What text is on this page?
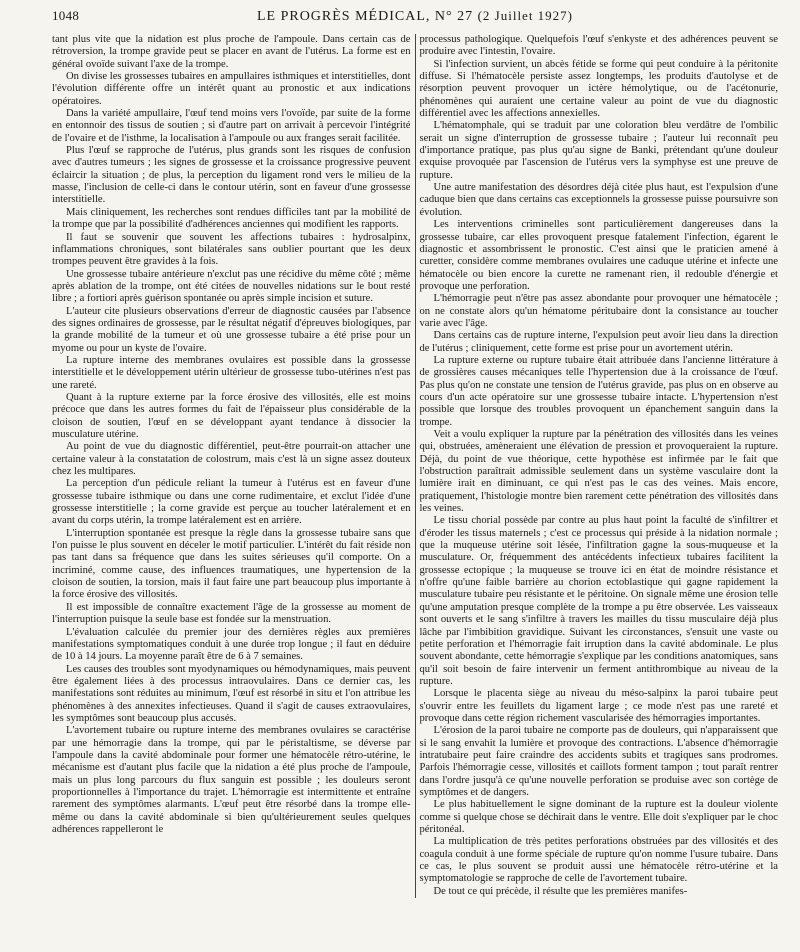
1048	LE PROGRÈS MÉDICAL, N° 27 (2 Juillet 1927)

tant plus vite que la nidation est plus proche de l'ampoule. Dans certain cas de rétroversion, la trompe gravide peut se placer en avant de l'utérus. La forme est en général ovoïde suivant l'axe de la trompe.

On divise les grossesses tubaires en ampullaires isthmiques et interstitielles, dont l'évolution différente offre un intérêt quant au pronostic et aux indications opératoires.

Dans la variété ampullaire, l'œuf tend moins vers l'ovoïde, par suite de la forme en entonnoir des tissus de soutien ; si d'autre part on arrivait à percevoir l'intégrité de l'ovaire et de l'isthme, la localisation à l'ampoule ou aux franges serait facilitée.

Plus l'œuf se rapproche de l'utérus, plus grands sont les risques de confusion avec d'autres tumeurs ; les signes de grossesse et la croissance progressive peuvent éclaircir la situation ; de plus, la perception du ligament rond vers le milieu de la masse, l'inclusion de celle-ci dans le contour utérin, sont en faveur d'une grossesse interstitielle.

Mais cliniquement, les recherches sont rendues difficiles tant par la mobilité de la trompe que par la possibilité d'adhérences anciennes qui modifient les rapports.

Il faut se souvenir que souvent les affections tubaires : hydrosalpinx, inflammations chroniques, sont bilatérales sans oublier pourtant que les deux trompes peuvent être gravides à la fois.

Une grossesse tubaire antérieure n'exclut pas une récidive du même côté ; même après ablation de la trompe, ont été citées de nouvelles nidations sur le bout resté libre ; a fortiori après guérison spontanée ou après simple incision et suture.

L'auteur cite plusieurs observations d'erreur de diagnostic causées par l'absence des signes ordinaires de grossesse, par le résultat négatif d'épreuves biologiques, par la grande mobilité de la tumeur et où une grossesse tubaire a été prise pour un myome ou pour un kyste de l'ovaire.

La rupture interne des membranes ovulaires est possible dans la grossesse interstitielle et le développement utérin ultérieur de grossesse tubo-utérines n'est pas une rareté.

Quant à la rupture externe par la force érosive des villosités, elle est moins précoce que dans les autres formes du fait de l'épaisseur plus considérable de la cloison de soutien, l'œuf en se développant ayant tendance à dissocier la musculature utérine.

Au point de vue du diagnostic différentiel, peut-être pourrait-on attacher une certaine valeur à la constatation de colostrum, mais c'est là un signe assez douteux chez les multipares.

La perception d'un pédicule reliant la tumeur à l'utérus est en faveur d'une grossesse tubaire isthmique ou dans une corne rudimentaire, et exclut l'idée d'une grossesse interstitielle ; la corne gravide est perçue au toucher latéralement et en avant du corps utérin, la trompe latéralement est en arrière.

L'interruption spontanée est presque la règle dans la grossesse tubaire sans que l'on puisse le plus souvent en déceler le motif particulier. L'intérêt du fait réside non pas tant dans sa fréquence que dans les suites sérieuses qu'il comporte. On a incriminé, comme cause, des influences traumatiques, une hypertension de la cloison de soutien, la torsion, mais il faut faire une part beaucoup plus importante à la force érosive des villosités.

Il est impossible de connaître exactement l'âge de la grossesse au moment de l'interruption puisque la seule base est fondée sur la menstruation.

L'évaluation calculée du premier jour des dernières règles aux premières manifestations symptomatiques conduit à une durée trop longue ; il faut en déduire de 10 à 14 jours. La moyenne paraît être de 6 à 7 semaines.

Les causes des troubles sont myodynamiques ou hémodynamiques, mais peuvent être également liées à des processus intraovulaires. Dans ce dernier cas, les manifestations sont réduites au minimum, l'œuf est résorbé in situ et l'on attribue les phénomènes à des annexites infectieuses. Quand il s'agit de causes extraovulaires, les symptômes sont beaucoup plus accusés.

L'avortement tubaire ou rupture interne des membranes ovulaires se caractérise par une hémorragie dans la trompe, qui par le péristaltisme, se déverse par l'ampoule dans la cavité abdominale pour former une hématocèle rétro-utérine, le mécanisme est d'autant plus facile que la nidation a été plus proche de l'ampoule, mais un plus long parcours du flux sanguin est possible ; les douleurs seront proportionnelles à l'importance du trajet. L'hémorragie est intermittente et entraîne rarement des symptômes alarmants. L'œuf peut être résorbé dans la trompe elle-même ou dans la cavité abdominale si bien qu'ultérieurement seules quelques adhérences rappelleront le

processus pathologique. Quelquefois l'œuf s'enkyste et des adhérences peuvent se produire avec l'intestin, l'ovaire.

Si l'infection survient, un abcès fétide se forme qui peut conduire à la péritonite diffuse. Si l'hématocèle persiste assez longtemps, les produits d'autolyse et de résorption peuvent provoquer un ictère hémolytique, ou de l'acétonurie, phénomènes qui auraient une certaine valeur au point de vue du diagnostic différentiel avec les affections annexielles.

L'hématomphale, qui se traduit par une coloration bleu verdâtre de l'ombilic serait un signe d'interruption de grossesse tubaire ; l'auteur lui reconnaît peu d'importance pratique, pas plus qu'au signe de Banki, prétendant qu'une douleur exquise provoquée par l'ascension de l'utérus vers la symphyse est une preuve de rupture.

Une autre manifestation des désordres déjà citée plus haut, est l'expulsion d'une caduque bien que dans certains cas exceptionnels la grossesse puisse poursuivre son évolution.

Les interventions criminelles sont particulièrement dangereuses dans la grossesse tubaire, car elles provoquent presque fatalement l'infection, égarent le diagnostic et assombrissent le pronostic. C'est ainsi que le praticien amené à curetter, considère comme membranes ovulaires une caduque utérine et infecte une hématocèle ou bien encore la curette ne ramenant rien, il redouble d'énergie et provoque une perforation.

L'hémorragie peut n'être pas assez abondante pour provoquer une hématocèle ; on ne constate alors qu'un hématome péritubaire dont la consistance au toucher varie avec l'âge.

Dans certains cas de rupture interne, l'expulsion peut avoir lieu dans la direction de l'utérus ; cliniquement, cette forme est prise pour un avortement utérin.

La rupture externe ou rupture tubaire était attribuée dans l'ancienne littérature à de grossières causes mécaniques telle l'hypertension due à la croissance de l'œuf. Pas plus qu'on ne constate une tension de l'utérus gravide, pas plus on en observe au cours d'un acte opératoire sur une grossesse tubaire intacte. L'hypertension n'est possible que lorsque des troubles provoquent un épanchement sanguin dans la trompe.

Veit a voulu expliquer la rupture par la pénétration des villosités dans les veines qui, obstruées, amèneraient une élévation de pression et provoqueraient la rupture. Déjà, du point de vue théorique, cette hypothèse est infirmée par le fait que l'obstruction paraîtrait admissible seulement dans un système vasculaire dont la lumière irait en diminuant, ce qui n'est pas le cas des veines. Mais encore, pratiquement, l'histologie montre bien rarement cette pénétration des villosités dans les veines.

Le tissu chorial possède par contre au plus haut point la faculté de s'infiltrer et d'éroder les tissus maternels ; c'est ce processus qui préside à la nidation normale ; que la muqueuse utérine soit lésée, l'infiltration gagne la sous-muqueuse et la musculature. Or, fréquemment des antécédents infectieux tubaires facilitent la grossesse ectopique ; la muqueuse se trouve ici en état de moindre résistance et n'offre qu'une faible barrière au chorion ectoblastique qui gagne rapidement la musculature tubaire peu résistante et le péritoine. On signale même une érosion telle qu'une amputation presque complète de la trompe a pu être observée. Les vaisseaux sont ouverts et le sang s'infiltre à travers les mailles du tissu musculaire déjà plus lâche par l'imbibition gravidique. Suivant les circonstances, s'ensuit une vaste ou petite perforation et l'hémorragie fait irruption dans la cavité abdominale. Le plus souvent abondante, cette hémorragie s'explique par les conditions anatomiques, sans qu'il soit besoin de faire intervenir un ferment antithrombique au niveau de la rupture.

Lorsque le placenta siège au niveau du méso-salpinx la paroi tubaire peut s'ouvrir entre les feuillets du ligament large ; ce mode n'est pas une rareté et provoque dans cette région richement vascularisée des hémorragies importantes.

L'érosion de la paroi tubaire ne comporte pas de douleurs, qui n'apparaissent que si le sang envahit la lumière et provoque des contractions. L'absence d'hémorragie intratubaire peut faire craindre des accidents subits et tragiques sans prodromes. Parfois l'hémorragie cesse, villosités et caillots forment tampon ; tout paraît rentrer dans l'ordre jusqu'à ce qu'une nouvelle perforation se produise avec son cortège de symptômes et de dangers.

Le plus habituellement le signe dominant de la rupture est la douleur violente comme si quelque chose se déchirait dans le ventre. Elle doit s'expliquer par le choc péritonéal.

La multiplication de très petites perforations obstruées par des villosités et des coagula conduit à une forme spéciale de rupture qu'on nomme l'usure tubaire. Dans ce cas, le plus souvent se produit aussi une hématocèle rétro-utérine et la symptomatologie se rapproche de celle de l'avortement tubaire.

De tout ce qui précède, il résulte que les premières manifes-
